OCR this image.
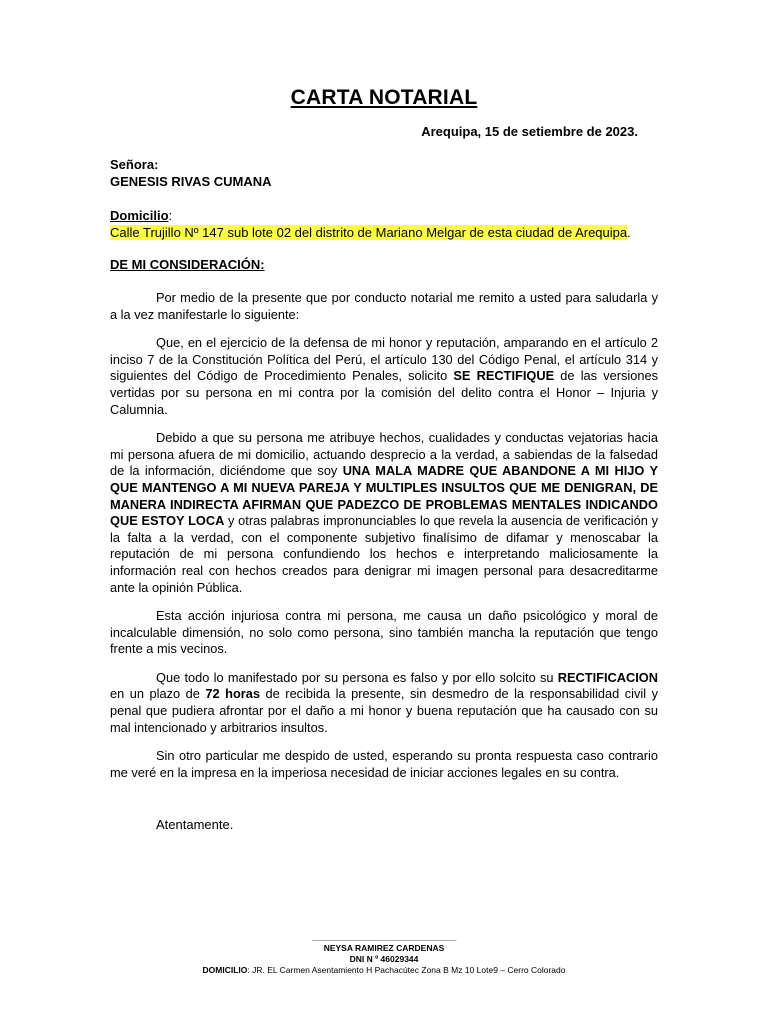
CARTA NOTARIAL
Arequipa, 15 de setiembre de 2023.
Señora:
GENESIS RIVAS CUMANA
Domicilio:
Calle Trujillo Nº 147 sub lote 02 del distrito de Mariano Melgar de esta ciudad de Arequipa.
DE MI CONSIDERACIÓN:

Por medio de la presente que por conducto notarial me remito a usted para saludarla y a la vez manifestarle lo siguiente:

Que, en el ejercicio de la defensa de mi honor y reputación, amparando en el artículo 2 inciso 7 de la Constitución Política del Perú, el artículo 130 del Código Penal, el artículo 314 y siguientes del Código de Procedimiento Penales, solicito SE RECTIFIQUE de las versiones vertidas por su persona en mi contra por la comisión del delito contra el Honor – Injuria y Calumnia.

Debido a que su persona me atribuye hechos, cualidades y conductas vejatorias hacia mi persona afuera de mi domicilio, actuando desprecio a la verdad, a sabiendas de la falsedad de la información, diciéndome que soy UNA MALA MADRE QUE ABANDONE A MI HIJO Y QUE MANTENGO A MI NUEVA PAREJA Y MULTIPLES INSULTOS QUE ME DENIGRAN, DE MANERA INDIRECTA AFIRMAN QUE PADEZCO DE PROBLEMAS MENTALES INDICANDO QUE ESTOY LOCA y otras palabras impronunciables lo que revela la ausencia de verificación y la falta a la verdad, con el componente subjetivo finalísimo de difamar y menoscabar la reputación de mi persona confundiendo los hechos e interpretando maliciosamente la información real con hechos creados para denigrar mi imagen personal para desacreditarme ante la opinión Pública.

Esta acción injuriosa contra mi persona, me causa un daño psicológico y moral de incalculable dimensión, no solo como persona, sino también mancha la reputación que tengo frente a mis vecinos.

Que todo lo manifestado por su persona es falso y por ello solcito su RECTIFICACION en un plazo de 72 horas de recibida la presente, sin desmedro de la responsabilidad civil y penal que pudiera afrontar por el daño a mi honor y buena reputación que ha causado con su mal intencionado y arbitrarios insultos.

Sin otro particular me despido de usted, esperando su pronta respuesta caso contrario me veré en la impresa en la imperiosa necesidad de iniciar acciones legales en su contra.

Atentamente.
__________________________________
NEYSA RAMIREZ CARDENAS
DNI N º 46029344
DOMICILIO: JR. EL Carmen Asentamiento H Pachacútec Zona B Mz 10 Lote9 – Cerro Colorado
